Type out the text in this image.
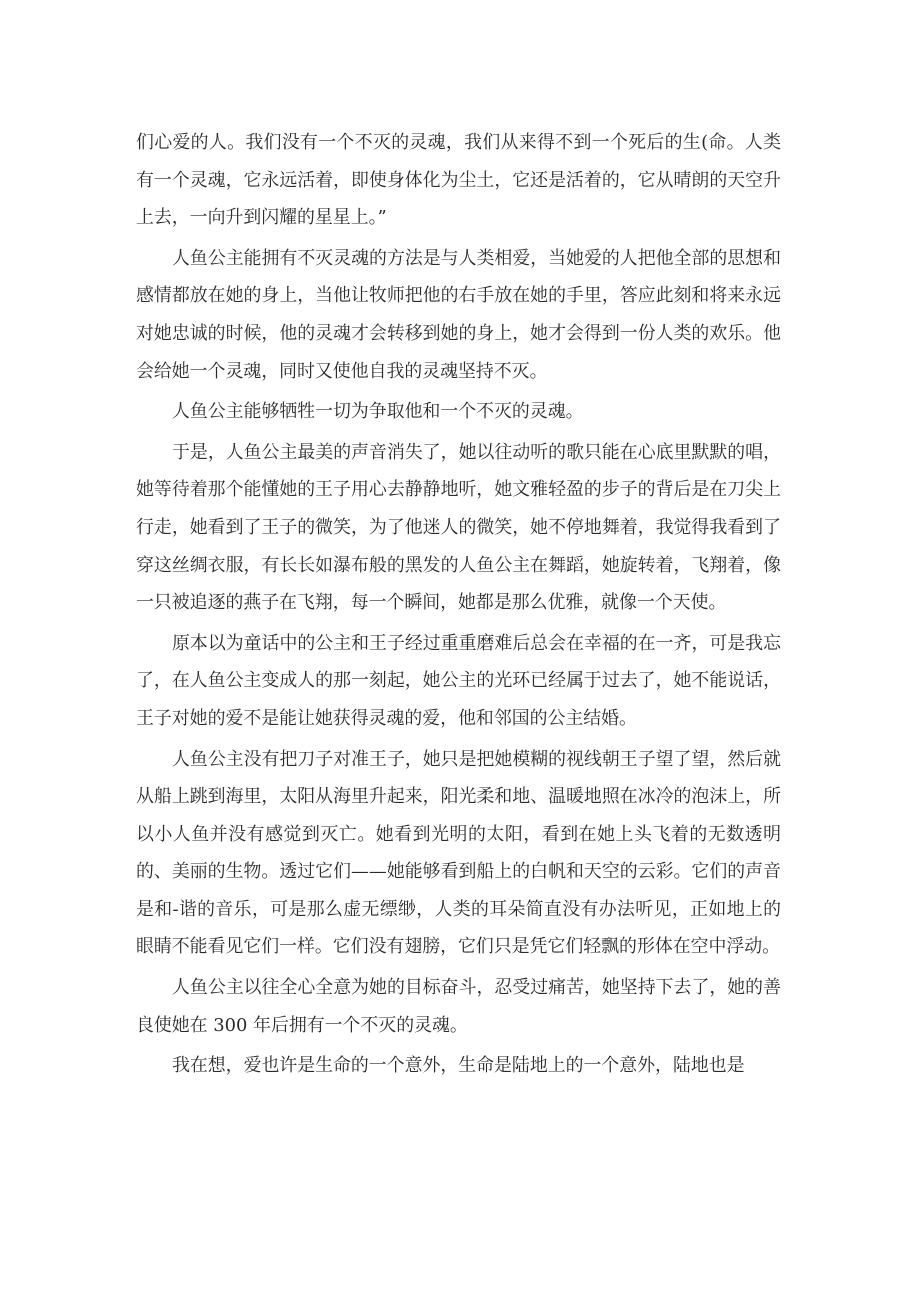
们心爱的人。我们没有一个不灭的灵魂，我们从来得不到一个死后的生(命。人类有一个灵魂，它永远活着，即使身体化为尘土，它还是活着的，它从晴朗的天空升上去，一向升到闪耀的星星上。”

人鱼公主能拥有不灭灵魂的方法是与人类相爱，当她爱的人把他全部的思想和感情都放在她的身上，当他让牧师把他的右手放在她的手里，答应此刻和将来永远对她忠诚的时候，他的灵魂才会转移到她的身上，她才会得到一份人类的欢乐。他会给她一个灵魂，同时又使他自我的灵魂坚持不灭。

人鱼公主能够牺牲一切为争取他和一个不灭的灵魂。

于是，人鱼公主最美的声音消失了，她以往动听的歌只能在心底里默默的唱，她等待着那个能懂她的王子用心去静静地听，她文雅轻盈的步子的背后是在刀尖上行走，她看到了王子的微笑，为了他迷人的微笑，她不停地舞着，我觉得我看到了穿这丝绸衣服，有长长如瀑布般的黑发的人鱼公主在舞蹈，她旋转着，飞翔着，像一只被追逐的燕子在飞翔，每一个瞬间，她都是那么优雅，就像一个天使。

原本以为童话中的公主和王子经过重重磨难后总会在幸福的在一齐，可是我忘了，在人鱼公主变成人的那一刻起，她公主的光环已经属于过去了，她不能说话，王子对她的爱不是能让她获得灵魂的爱，他和邻国的公主结婚。

人鱼公主没有把刀子对准王子，她只是把她模糊的视线朝王子望了望，然后就从船上跳到海里，太阳从海里升起来，阳光柔和地、温暖地照在冰冷的泡沫上，所以小人鱼并没有感觉到灭亡。她看到光明的太阳，看到在她上头飞着的无数透明的、美丽的生物。透过它们——她能够看到船上的白帆和天空的云彩。它们的声音是和-谐的音乐，可是那么虚无缥缈，人类的耳朵简直没有办法听见，正如地上的眼睛不能看见它们一样。它们没有翅膀，它们只是凭它们轻飘的形体在空中浮动。

人鱼公主以往全心全意为她的目标奋斗，忍受过痛苦，她坚持下去了，她的善良使她在 300 年后拥有一个不灭的灵魂。

我在想，爱也许是生命的一个意外，生命是陆地上的一个意外，陆地也是
